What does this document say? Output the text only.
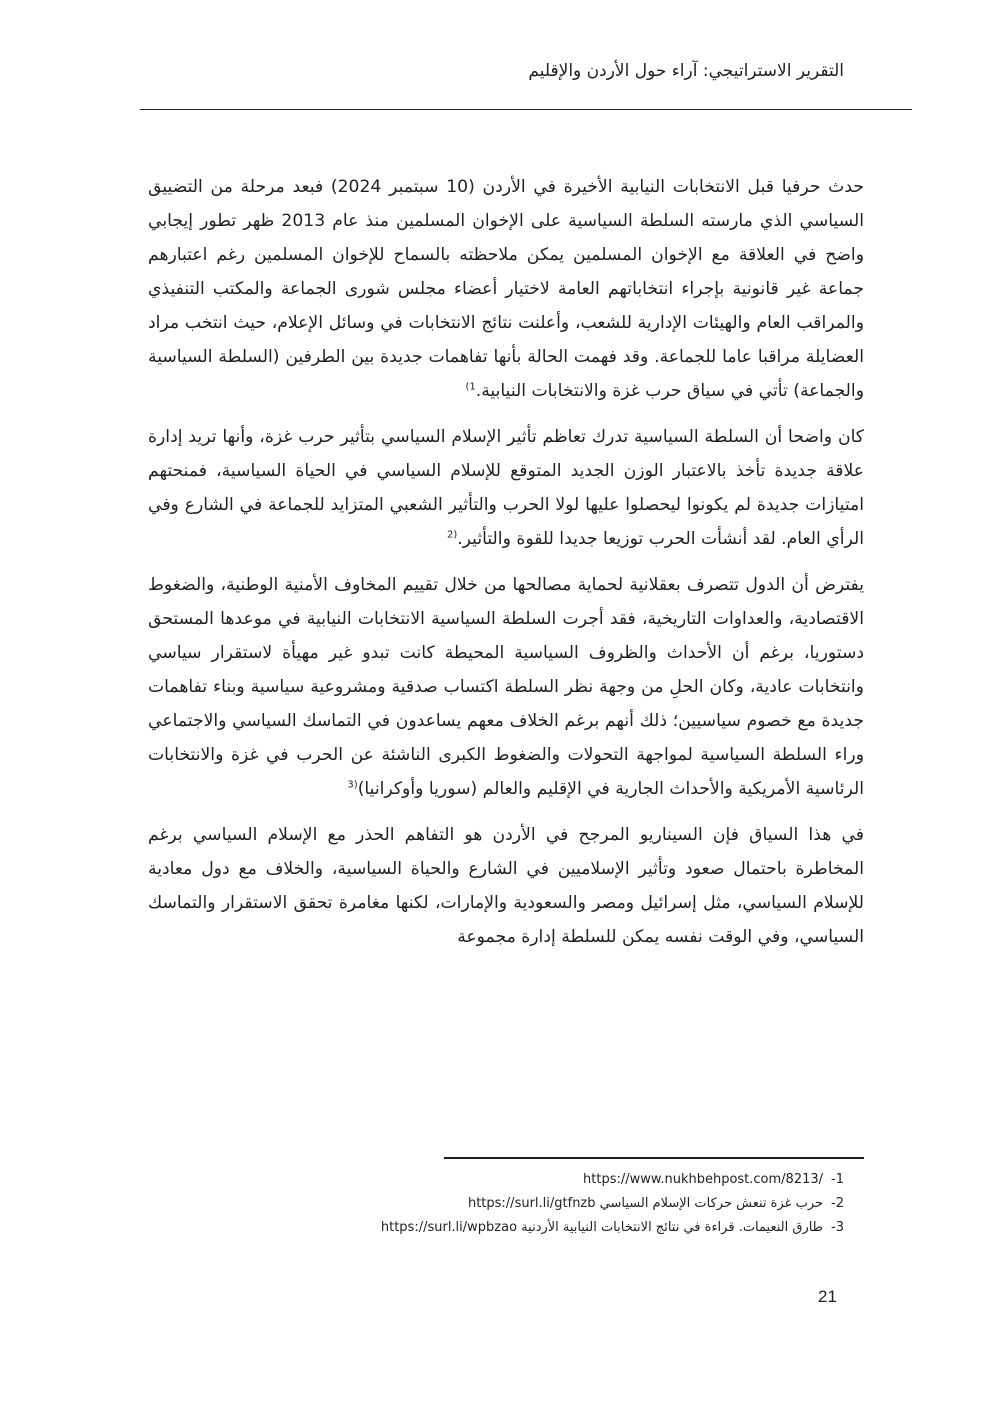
التقرير الاستراتيجي: آراء حول الأردن والإقليم

حدث حرفيا قبل الانتخابات النيابية الأخيرة في الأردن (10 سبتمبر 2024) فبعد مرحلة من التضييق السياسي الذي مارسته السلطة السياسية على الإخوان المسلمين منذ عام 2013 ظهر تطور إيجابي واضح في العلاقة مع الإخوان المسلمين يمكن ملاحظته بالسماح للإخوان المسلمين رغم اعتبارهم جماعة غير قانونية بإجراء انتخاباتهم العامة لاختيار أعضاء مجلس شورى الجماعة والمكتب التنفيذي والمراقب العام والهيئات الإدارية للشعب، وأعلنت نتائج الانتخابات في وسائل الإعلام، حيث انتخب مراد العضايلة مراقبا عاما للجماعة. وقد فهمت الحالة بأنها تفاهمات جديدة بين الطرفين (السلطة السياسية والجماعة) تأتي في سياق حرب غزة والانتخابات النيابية.$^{1)}$

كان واضحا أن السلطة السياسية تدرك تعاظم تأثير الإسلام السياسي بتأثير حرب غزة، وأنها تريد إدارة علاقة جديدة تأخذ بالاعتبار الوزن الجديد المتوقع للإسلام السياسي في الحياة السياسية، فمنحتهم امتيازات جديدة لم يكونوا ليحصلوا عليها لولا الحرب والتأثير الشعبي المتزايد للجماعة في الشارع وفي الرأي العام. لقد أنشأت الحرب توزيعا جديدا للقوة والتأثير.$^{(2}$

يفترض أن الدول تتصرف بعقلانية لحماية مصالحها من خلال تقييم المخاوف الأمنية الوطنية، والضغوط الاقتصادية، والعداوات التاريخية، فقد أجرت السلطة السياسية الانتخابات النيابية في موعدها المستحق دستوريا، برغم أن الأحداث والظروف السياسية المحيطة كانت تبدو غير مهيأة لاستقرار سياسي وانتخابات عادية، وكان الحلِ من وجهة نظر السلطة اكتساب صدقية ومشروعية سياسية وبناء تفاهمات جديدة مع خصوم سياسيين؛ ذلك أنهم برغم الخلاف معهم يساعدون في التماسك السياسي والاجتماعي وراء السلطة السياسية لمواجهة التحولات والضغوط الكبرى الناشئة عن الحرب في غزة والانتخابات الرئاسية الأمريكية والأحداث الجارية في الإقليم والعالم (سوريا وأوكرانيا)$^{(3}$

في هذا السياق فإن السيناريو المرجح في الأردن هو التفاهم الحذر مع الإسلام السياسي برغم المخاطرة باحتمال صعود وتأثير الإسلاميين في الشارع والحياة السياسية، والخلاف مع دول معادية للإسلام السياسي، مثل إسرائيل ومصر والسعودية والإمارات، لكنها مغامرة تحقق الاستقرار والتماسك السياسي، وفي الوقت نفسه يمكن للسلطة إدارة مجموعة

-1
/https://www.nukhbehpost.com/8213
-2
حرب غزة تنعش حركات الإسلام السياسي https://surl.li/gtfnzb
-3
طارق النعيمات. قراءة في نتائج الانتخابات النيابية الأردنية https://surl.li/wpbzao
21
